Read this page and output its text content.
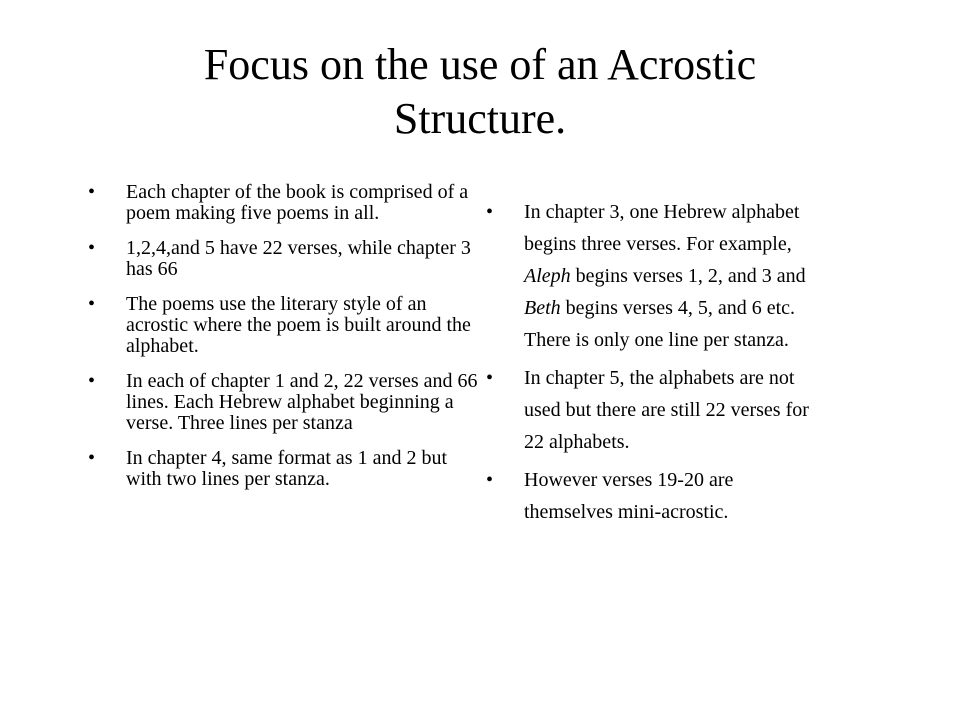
Focus on the use of an Acrostic
Structure.
• Each chapter of the book is comprised of a poem making five poems in all.
• 1,2,4,and 5 have 22 verses, while chapter 3 has 66
• The poems use the literary style of an acrostic where the poem is built around the alphabet.
• In each of chapter 1 and 2, 22 verses and 66 lines. Each Hebrew alphabet beginning a verse. Three lines per stanza
• In chapter 4, same format as 1 and 2 but with two lines per stanza.
• In chapter 3, one Hebrew alphabet begins three verses. For example, Aleph begins verses 1, 2, and 3 and Beth begins verses 4, 5, and 6 etc. There is only one line per stanza.
• In chapter 5, the alphabets are not used but there are still 22 verses for 22 alphabets.
• However verses 19-20 are themselves mini-acrostic.
